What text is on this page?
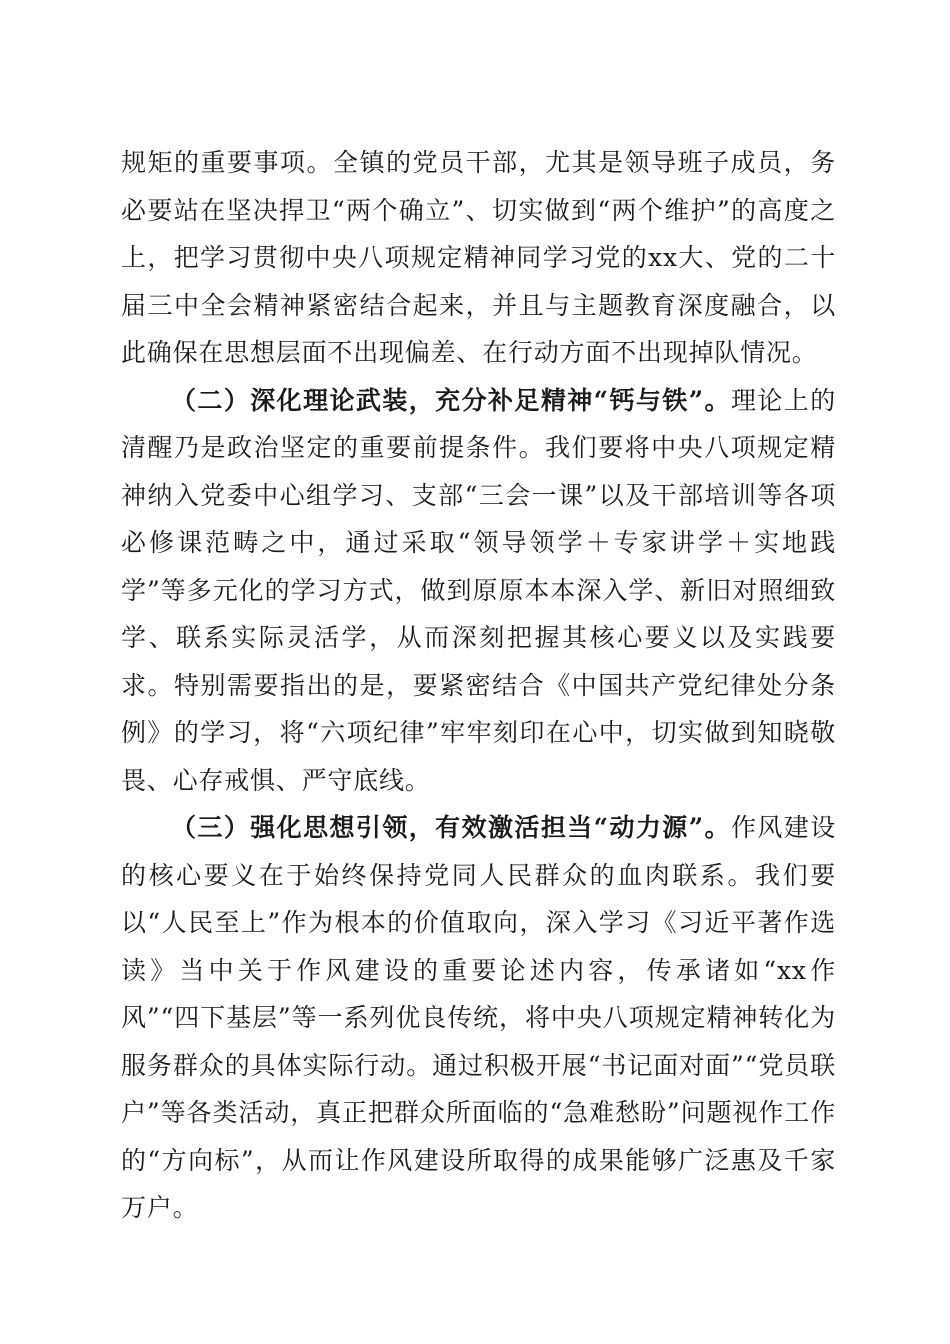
规矩的重要事项。全镇的党员干部，尤其是领导班子成员，务必要站在坚决捍卫“两个确立”、切实做到“两个维护”的高度之上，把学习贯彻中央八项规定精神同学习党的xx大、党的二十届三中全会精神紧密结合起来，并且与主题教育深度融合，以此确保在思想层面不出现偏差、在行动方面不出现掉队情况。

（二）深化理论武装，充分补足精神“钙与铁”。理论上的清醒乃是政治坚定的重要前提条件。我们要将中央八项规定精神纳入党委中心组学习、支部“三会一课”以及干部培训等各项必修课范畴之中，通过采取“领导领学＋专家讲学＋实地践学”等多元化的学习方式，做到原原本本深入学、新旧对照细致学、联系实际灵活学，从而深刻把握其核心要义以及实践要求。特别需要指出的是，要紧密结合《中国共产党纪律处分条例》的学习，将“六项纪律”牢牢刻印在心中，切实做到知晓敬畏、心存戒惧、严守底线。

（三）强化思想引领，有效激活担当“动力源”。作风建设的核心要义在于始终保持党同人民群众的血肉联系。我们要以“人民至上”作为根本的价值取向，深入学习《习近平著作选读》当中关于作风建设的重要论述内容，传承诸如“xx作风”“四下基层”等一系列优良传统，将中央八项规定精神转化为服务群众的具体实际行动。通过积极开展“书记面对面”“党员联户”等各类活动，真正把群众所面临的“急难愁盼”问题视作工作的“方向标”，从而让作风建设所取得的成果能够广泛惠及千家万户。
